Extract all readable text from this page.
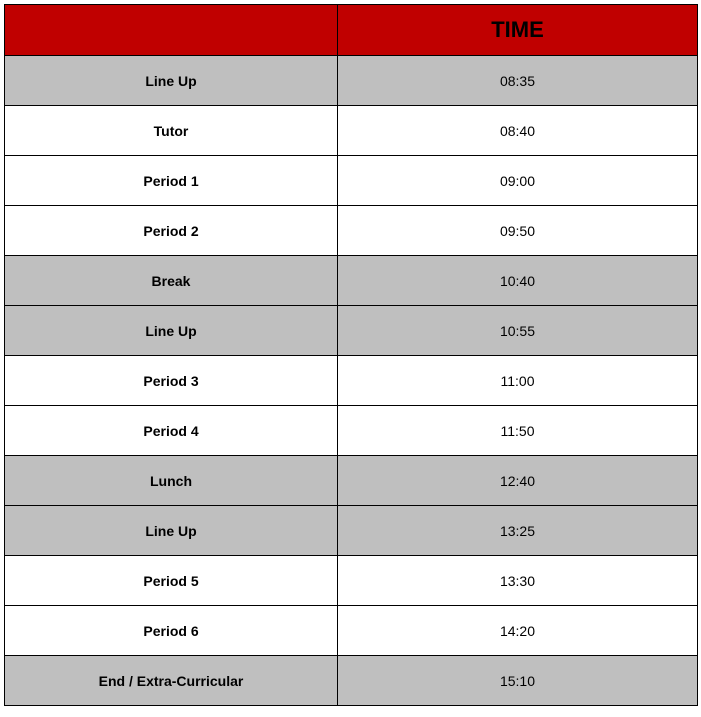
	TIME
Line Up	08:35
Tutor	08:40
Period 1	09:00
Period 2	09:50
Break	10:40
Line Up	10:55
Period 3	11:00
Period 4	11:50
Lunch	12:40
Line Up	13:25
Period 5	13:30
Period 6	14:20
End / Extra-Curricular	15:10
